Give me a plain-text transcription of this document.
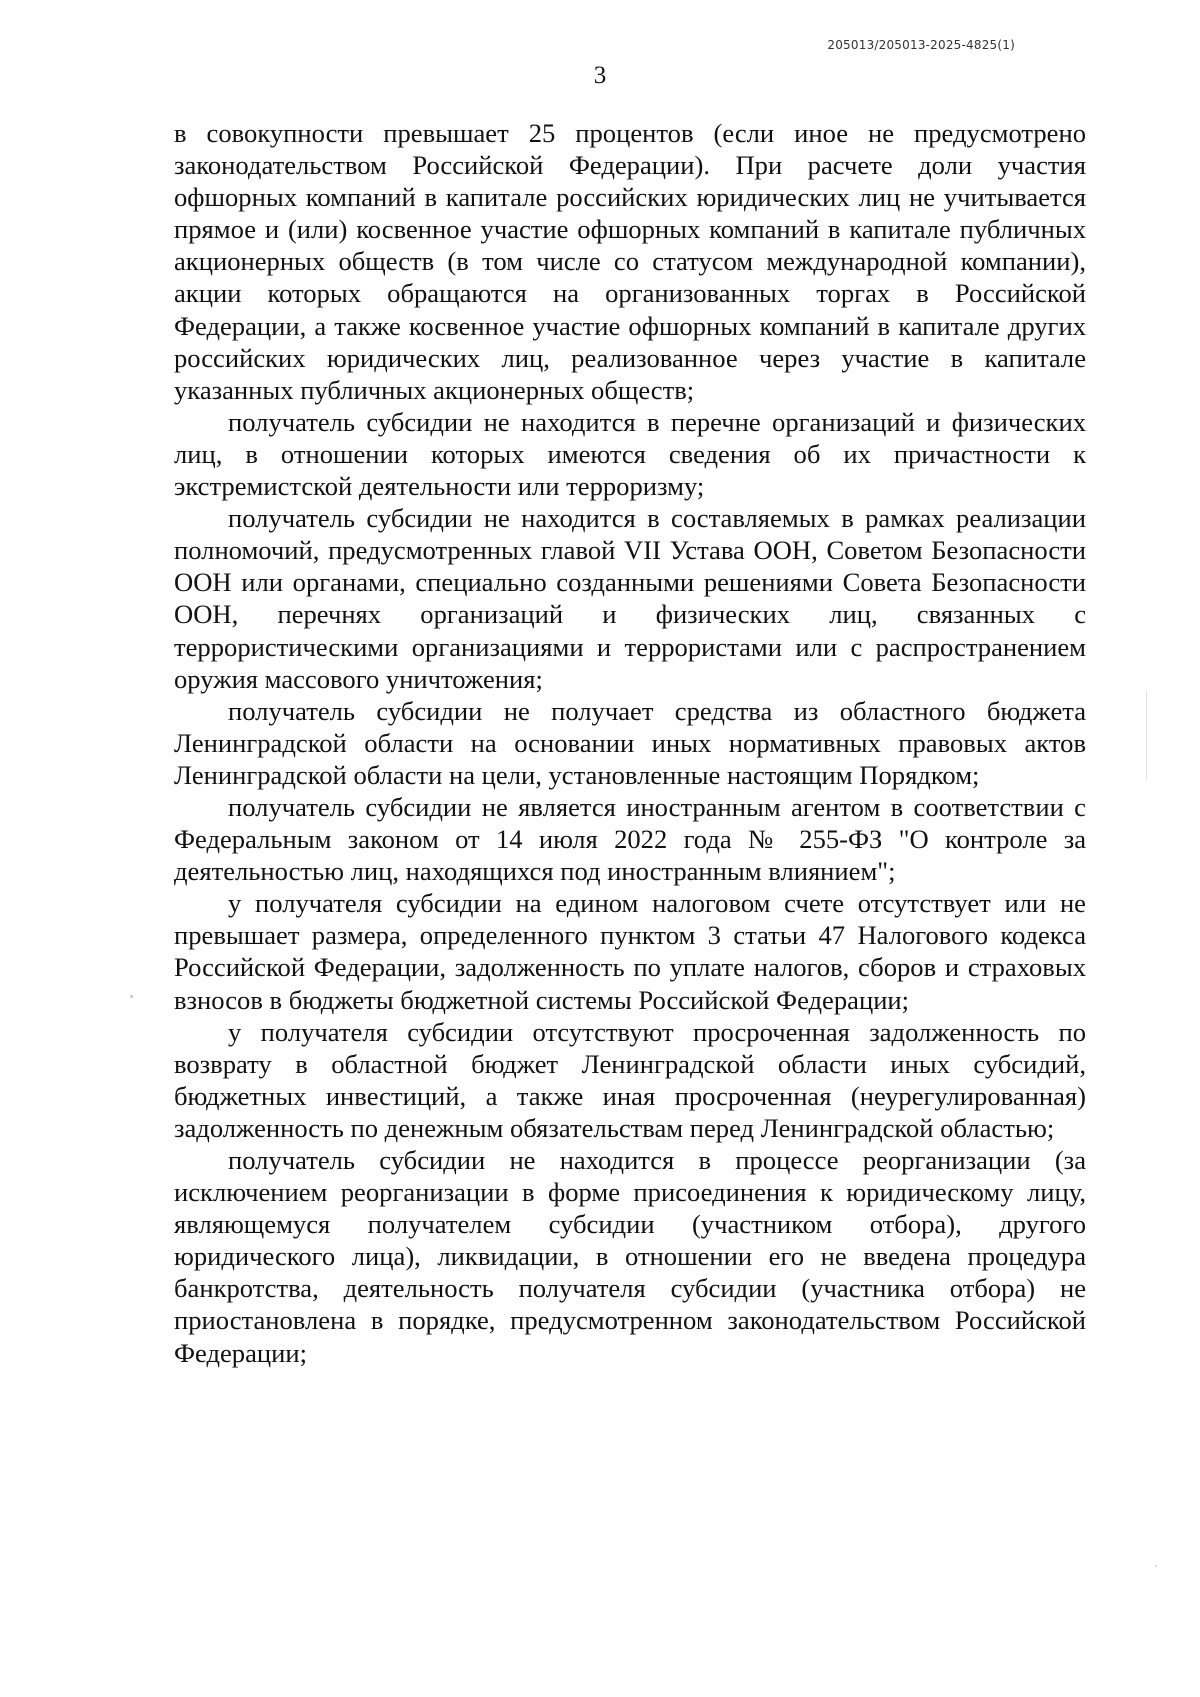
205013/205013-2025-4825(1)
3

в совокупности превышает 25 процентов (если иное не предусмотрено законодательством Российской Федерации). При расчете доли участия офшорных компаний в капитале российских юридических лиц не учитывается прямое и (или) косвенное участие офшорных компаний в капитале публичных акционерных обществ (в том числе со статусом международной компании), акции которых обращаются на организованных торгах в Российской Федерации, а также косвенное участие офшорных компаний в капитале других российских юридических лиц, реализованное через участие в капитале указанных публичных акционерных обществ;

получатель субсидии не находится в перечне организаций и физических лиц, в отношении которых имеются сведения об их причастности к экстремистской деятельности или терроризму;

получатель субсидии не находится в составляемых в рамках реализации полномочий, предусмотренных главой VII Устава ООН, Советом Безопасности ООН или органами, специально созданными решениями Совета Безопасности ООН, перечнях организаций и физических лиц, связанных с террористическими организациями и террористами или с распространением оружия массового уничтожения;

получатель субсидии не получает средства из областного бюджета Ленинградской области на основании иных нормативных правовых актов Ленинградской области на цели, установленные настоящим Порядком;

получатель субсидии не является иностранным агентом в соответствии с Федеральным законом от 14 июля 2022 года № 255-ФЗ "О контроле за деятельностью лиц, находящихся под иностранным влиянием";

у получателя субсидии на едином налоговом счете отсутствует или не превышает размера, определенного пунктом 3 статьи 47 Налогового кодекса Российской Федерации, задолженность по уплате налогов, сборов и страховых взносов в бюджеты бюджетной системы Российской Федерации;

у получателя субсидии отсутствуют просроченная задолженность по возврату в областной бюджет Ленинградской области иных субсидий, бюджетных инвестиций, а также иная просроченная (неурегулированная) задолженность по денежным обязательствам перед Ленинградской областью;

получатель субсидии не находится в процессе реорганизации (за исключением реорганизации в форме присоединения к юридическому лицу, являющемуся получателем субсидии (участником отбора), другого юридического лица), ликвидации, в отношении его не введена процедура банкротства, деятельность получателя субсидии (участника отбора) не приостановлена в порядке, предусмотренном законодательством Российской Федерации;
